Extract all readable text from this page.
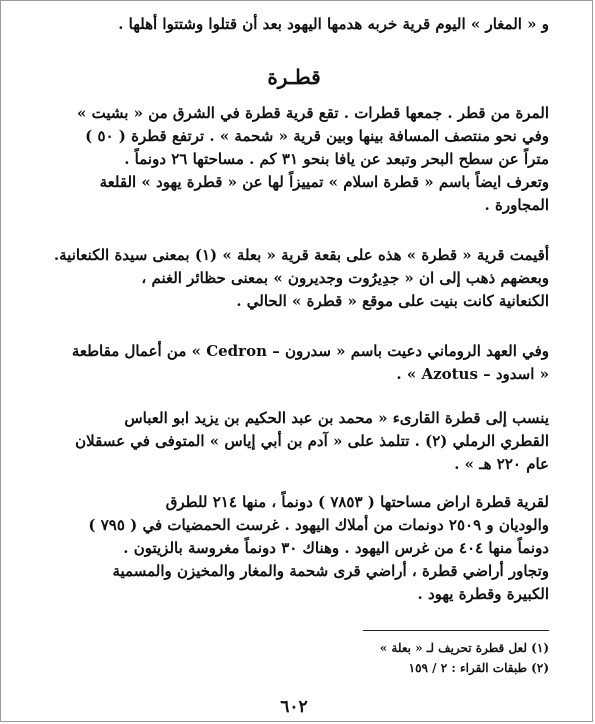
و « المغار » اليوم قرية خربه هدمها اليهود بعد أن قتلوا وشتتوا أهلها .
قطـرة
المرة من قطر . جمعها قطرات . تقع قرية قطرة في الشرق من « بشيت »
وفي نحو منتصف المسافة بينها وبين قرية « شحمة » . ترتفع قطرة ( ٥٠ )
متراً عن سطح البحر وتبعد عن يافا بنحو ٣١ كم . مساحتها ٢٦ دونماً .
وتعرف ايضاً باسم « قطرة اسلام » تمييزاً لها عن « قطرة يهود » القلعة
المجاورة .
أقيمت قرية « قطرة » هذه على بقعة قرية « بعلة » (١) بمعنى سيدة الكنعانية.
وبعضهم ذهب إلى ان « جدِيرُوت وجديرون » بمعنى حظائر الغنم ،
الكنعانية كانت بنيت على موقع « قطرة » الحالي .
وفي العهد الروماني دعيت باسم « سدرون – Cedron » من أعمال مقاطعة
« اسدود – Azotus » .
ينسب إلى قطرة القارىء « محمد بن عبد الحكيم بن يزيد ابو العباس
القطري الرملي (٢) . تتلمذ على « آدم بن أبي إياس » المتوفى في عسقلان
عام ٢٢٠ هـ » .
لقرية قطرة اراض مساحتها ( ٧٨٥٣ ) دونماً ، منها ٢١٤ للطرق
والوديان و ٢٥٠٩ دونمات من أملاك اليهود . غرست الحمضيات في ( ٧٩٥ )
دونماً منها ٤٠٤ من غرس اليهود . وهناك ٣٠ دونماً مغروسة بالزيتون .
وتجاور أراضي قطرة ، أراضي قرى شحمة والمغار والمخيزن والمسمية
الكبيرة وقطرة يهود .
(١) لعل قطرة تحريف لـ « بعلة »
(٢) طبقات القراء : ٢ / ١٥٩
٦٠٢
